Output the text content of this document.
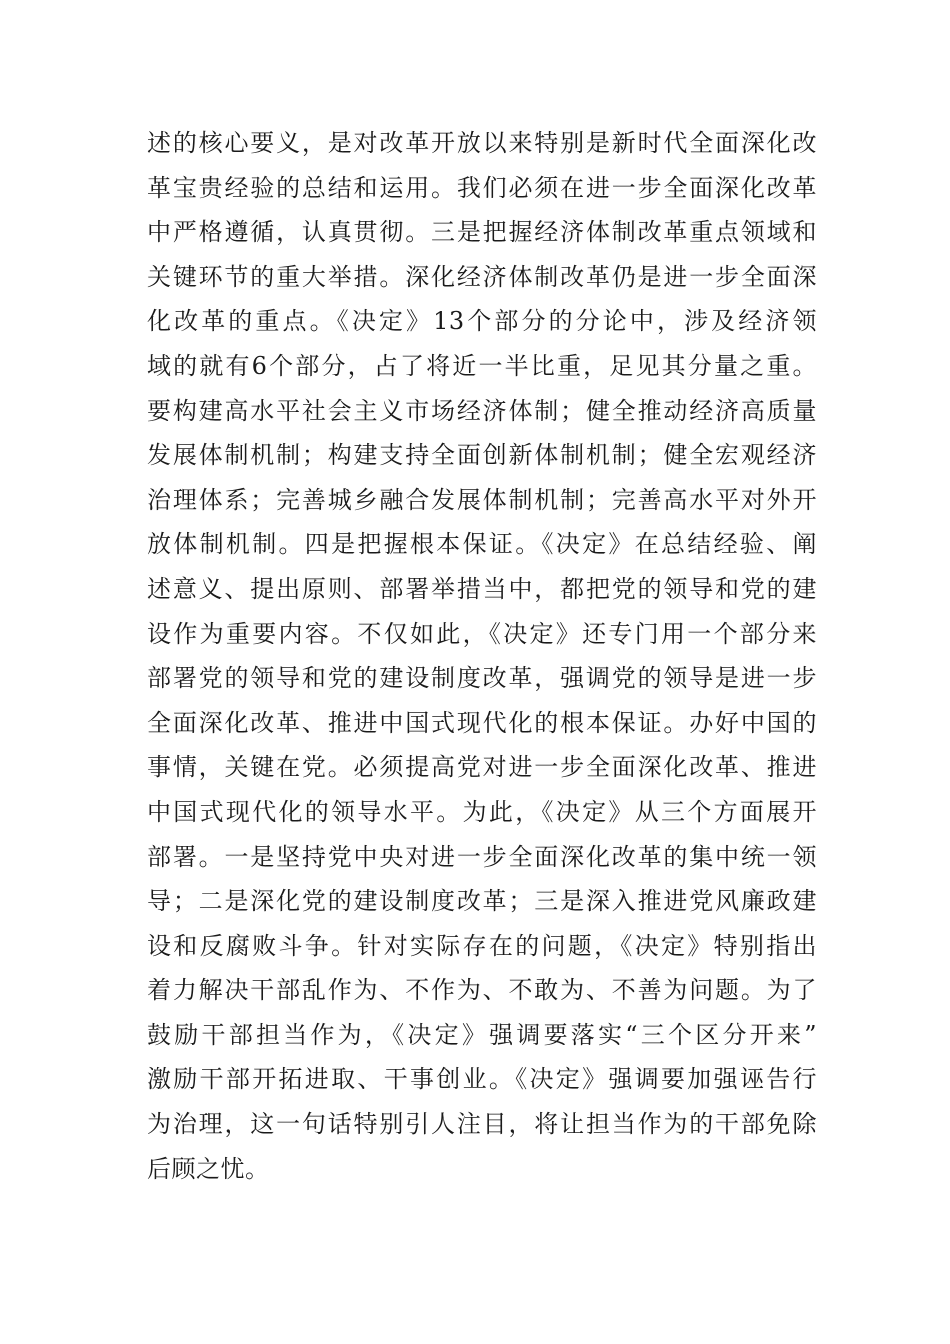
述的核心要义，是对改革开放以来特别是新时代全面深化改
革宝贵经验的总结和运用。我们必须在进一步全面深化改革
中严格遵循，认真贯彻。三是把握经济体制改革重点领域和
关键环节的重大举措。深化经济体制改革仍是进一步全面深
化改革的重点。《决定》13个部分的分论中，涉及经济领
域的就有6个部分，占了将近一半比重，足见其分量之重。
要构建高水平社会主义市场经济体制；健全推动经济高质量
发展体制机制；构建支持全面创新体制机制；健全宏观经济
治理体系；完善城乡融合发展体制机制；完善高水平对外开
放体制机制。四是把握根本保证。《决定》在总结经验、阐
述意义、提出原则、部署举措当中，都把党的领导和党的建
设作为重要内容。不仅如此，《决定》还专门用一个部分来
部署党的领导和党的建设制度改革，强调党的领导是进一步
全面深化改革、推进中国式现代化的根本保证。办好中国的
事情，关键在党。必须提高党对进一步全面深化改革、推进
中国式现代化的领导水平。为此，《决定》从三个方面展开
部署。一是坚持党中央对进一步全面深化改革的集中统一领
导；二是深化党的建设制度改革；三是深入推进党风廉政建
设和反腐败斗争。针对实际存在的问题，《决定》特别指出
着力解决干部乱作为、不作为、不敢为、不善为问题。为了
鼓励干部担当作为，《决定》强调要落实“三个区分开来”
激励干部开拓进取、干事创业。《决定》强调要加强诬告行
为治理，这一句话特别引人注目，将让担当作为的干部免除
后顾之忧。
